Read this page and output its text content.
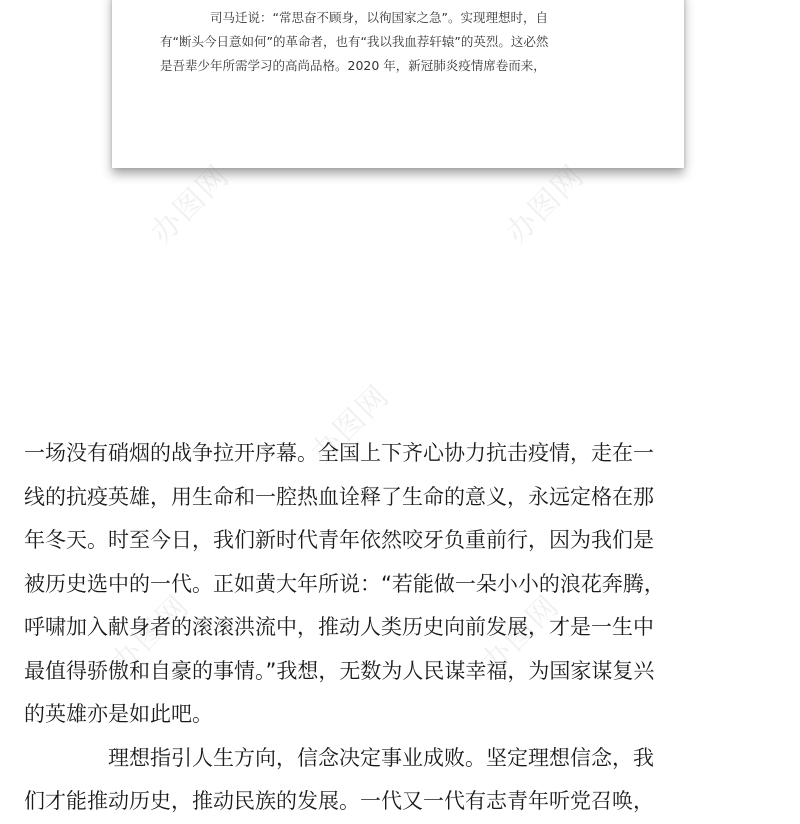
司马迁说：“常思奋不顾身，以徇国家之急”。实现理想时，自
有“断头今日意如何”的革命者，也有“我以我血荐轩辕”的英烈。这必然
是吾辈少年所需学习的高尚品格。2020 年，新冠肺炎疫情席卷而来，
办图网	办图网
办图网
办图网	办图网
一场没有硝烟的战争拉开序幕。全国上下齐心协力抗击疫情，走在一
线的抗疫英雄，用生命和一腔热血诠释了生命的意义，永远定格在那
年冬天。时至今日，我们新时代青年依然咬牙负重前行，因为我们是
被历史选中的一代。正如黄大年所说：“若能做一朵小小的浪花奔腾，
呼啸加入献身者的滚滚洪流中，推动人类历史向前发展，才是一生中
最值得骄傲和自豪的事情。”我想，无数为人民谋幸福，为国家谋复兴
的英雄亦是如此吧。
理想指引人生方向，信念决定事业成败。坚定理想信念，我
们才能推动历史，推动民族的发展。一代又一代有志青年听党召唤，
